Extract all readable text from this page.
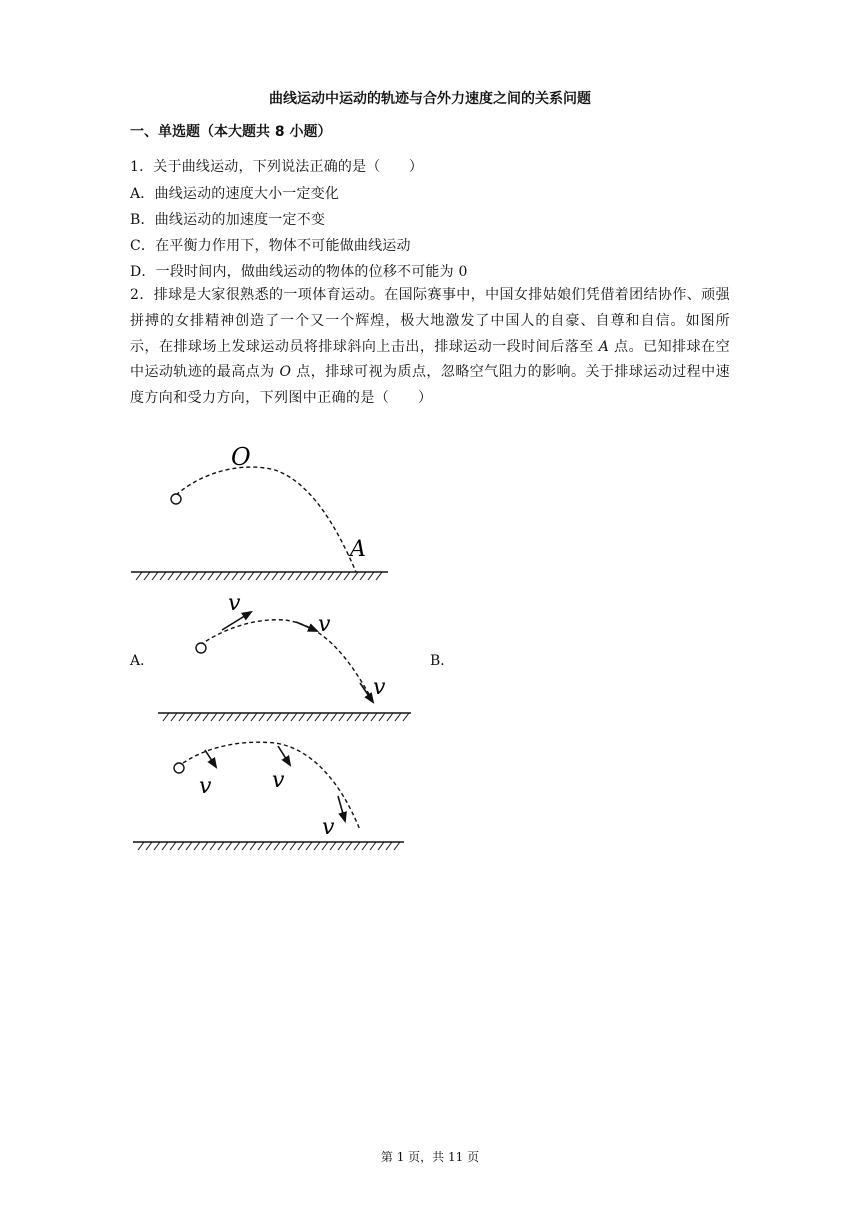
曲线运动中运动的轨迹与合外力速度之间的关系问题
一、单选题（本大题共 8 小题）
1．关于曲线运动，下列说法正确的是（　　）
A．曲线运动的速度大小一定变化
B．曲线运动的加速度一定不变
C．在平衡力作用下，物体不可能做曲线运动
D．一段时间内，做曲线运动的物体的位移不可能为 0
2．排球是大家很熟悉的一项体育运动。在国际赛事中，中国女排姑娘们凭借着团结协作、顽强拼搏的女排精神创造了一个又一个辉煌，极大地激发了中国人的自豪、自尊和自信。如图所示，在排球场上发球运动员将排球斜向上击出，排球运动一段时间后落至 A 点。已知排球在空中运动轨迹的最高点为 O 点，排球可视为质点，忽略空气阻力的影响。关于排球运动过程中速度方向和受力方向，下列图中正确的是（　　）
O
A
A．
v
v
v
B．
v	v
v
第 1 页，共 11 页
